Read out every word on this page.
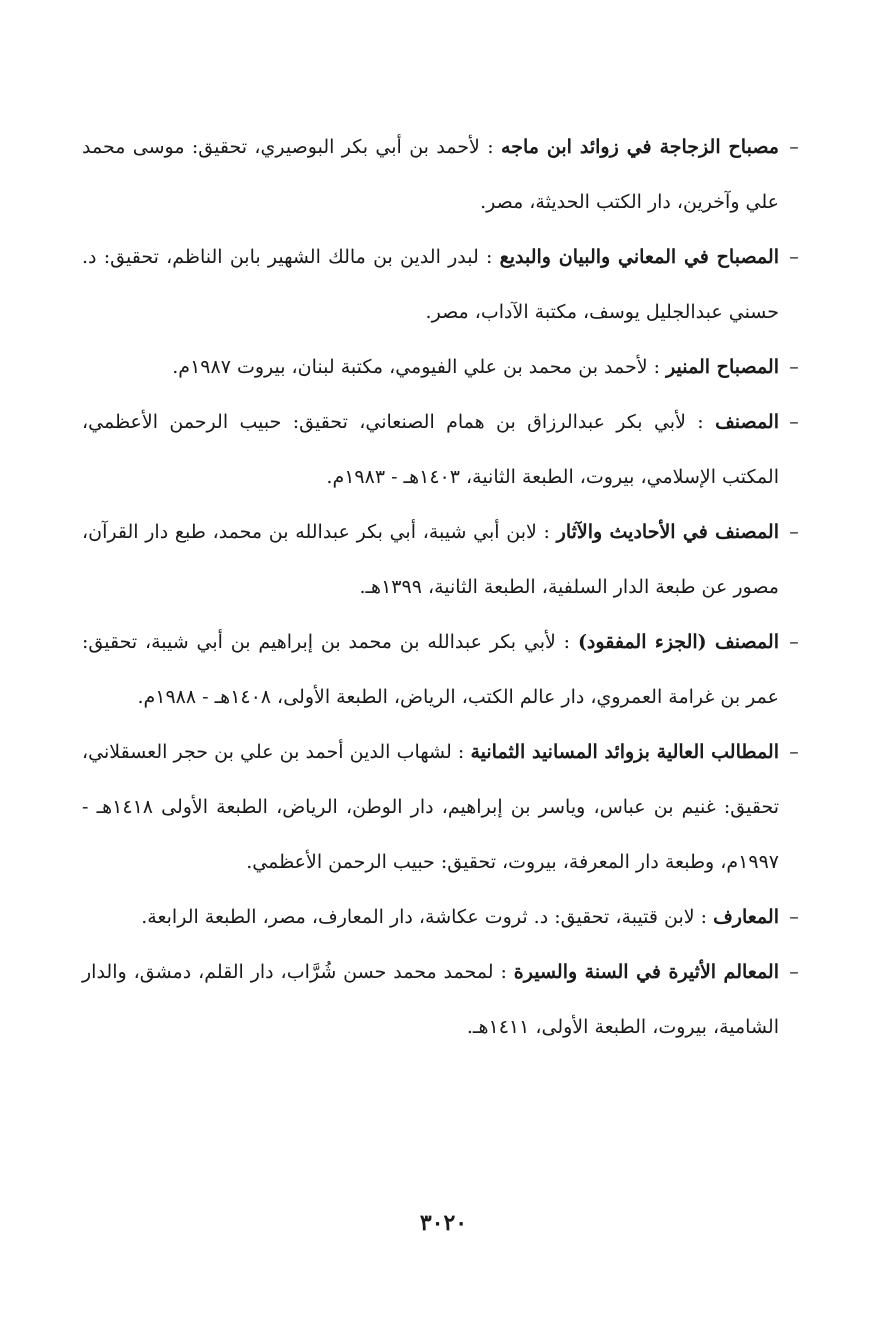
–
مصباح الزجاجة في زوائد ابن ماجه : لأحمد بن أبي بكر البوصيري، تحقيق: موسى محمد علي وآخرين، دار الكتب الحديثة، مصر.

–
المصباح في المعاني والبيان والبديع : لبدر الدين بن مالك الشهير بابن الناظم، تحقيق: د. حسني عبدالجليل يوسف، مكتبة الآداب، مصر.

–
المصباح المنير : لأحمد بن محمد بن علي الفيومي، مكتبة لبنان، بيروت ١٩٨٧م.

–
المصنف : لأبي بكر عبدالرزاق بن همام الصنعاني، تحقيق: حبيب الرحمن الأعظمي، المكتب الإسلامي، بيروت، الطبعة الثانية، ١٤٠٣هـ - ١٩٨٣م.

–
المصنف في الأحاديث والآثار : لابن أبي شيبة، أبي بكر عبدالله بن محمد، طبع دار القرآن، مصور عن طبعة الدار السلفية، الطبعة الثانية، ١٣٩٩هـ.

–
المصنف (الجزء المفقود) : لأبي بكر عبدالله بن محمد بن إبراهيم بن أبي شيبة، تحقيق: عمر بن غرامة العمروي، دار عالم الكتب، الرياض، الطبعة الأولى، ١٤٠٨هـ - ١٩٨٨م.

–
المطالب العالية بزوائد المسانيد الثمانية : لشهاب الدين أحمد بن علي بن حجر العسقلاني، تحقيق: غنيم بن عباس، وياسر بن إبراهيم، دار الوطن، الرياض، الطبعة الأولى ١٤١٨هـ - ١٩٩٧م، وطبعة دار المعرفة، بيروت، تحقيق: حبيب الرحمن الأعظمي.

–
المعارف : لابن قتيبة، تحقيق: د. ثروت عكاشة، دار المعارف، مصر، الطبعة الرابعة.

–
المعالم الأثيرة في السنة والسيرة : لمحمد محمد حسن شُرَّاب، دار القلم، دمشق، والدار الشامية، بيروت، الطبعة الأولى، ١٤١١هـ.

٣٠٢٠
